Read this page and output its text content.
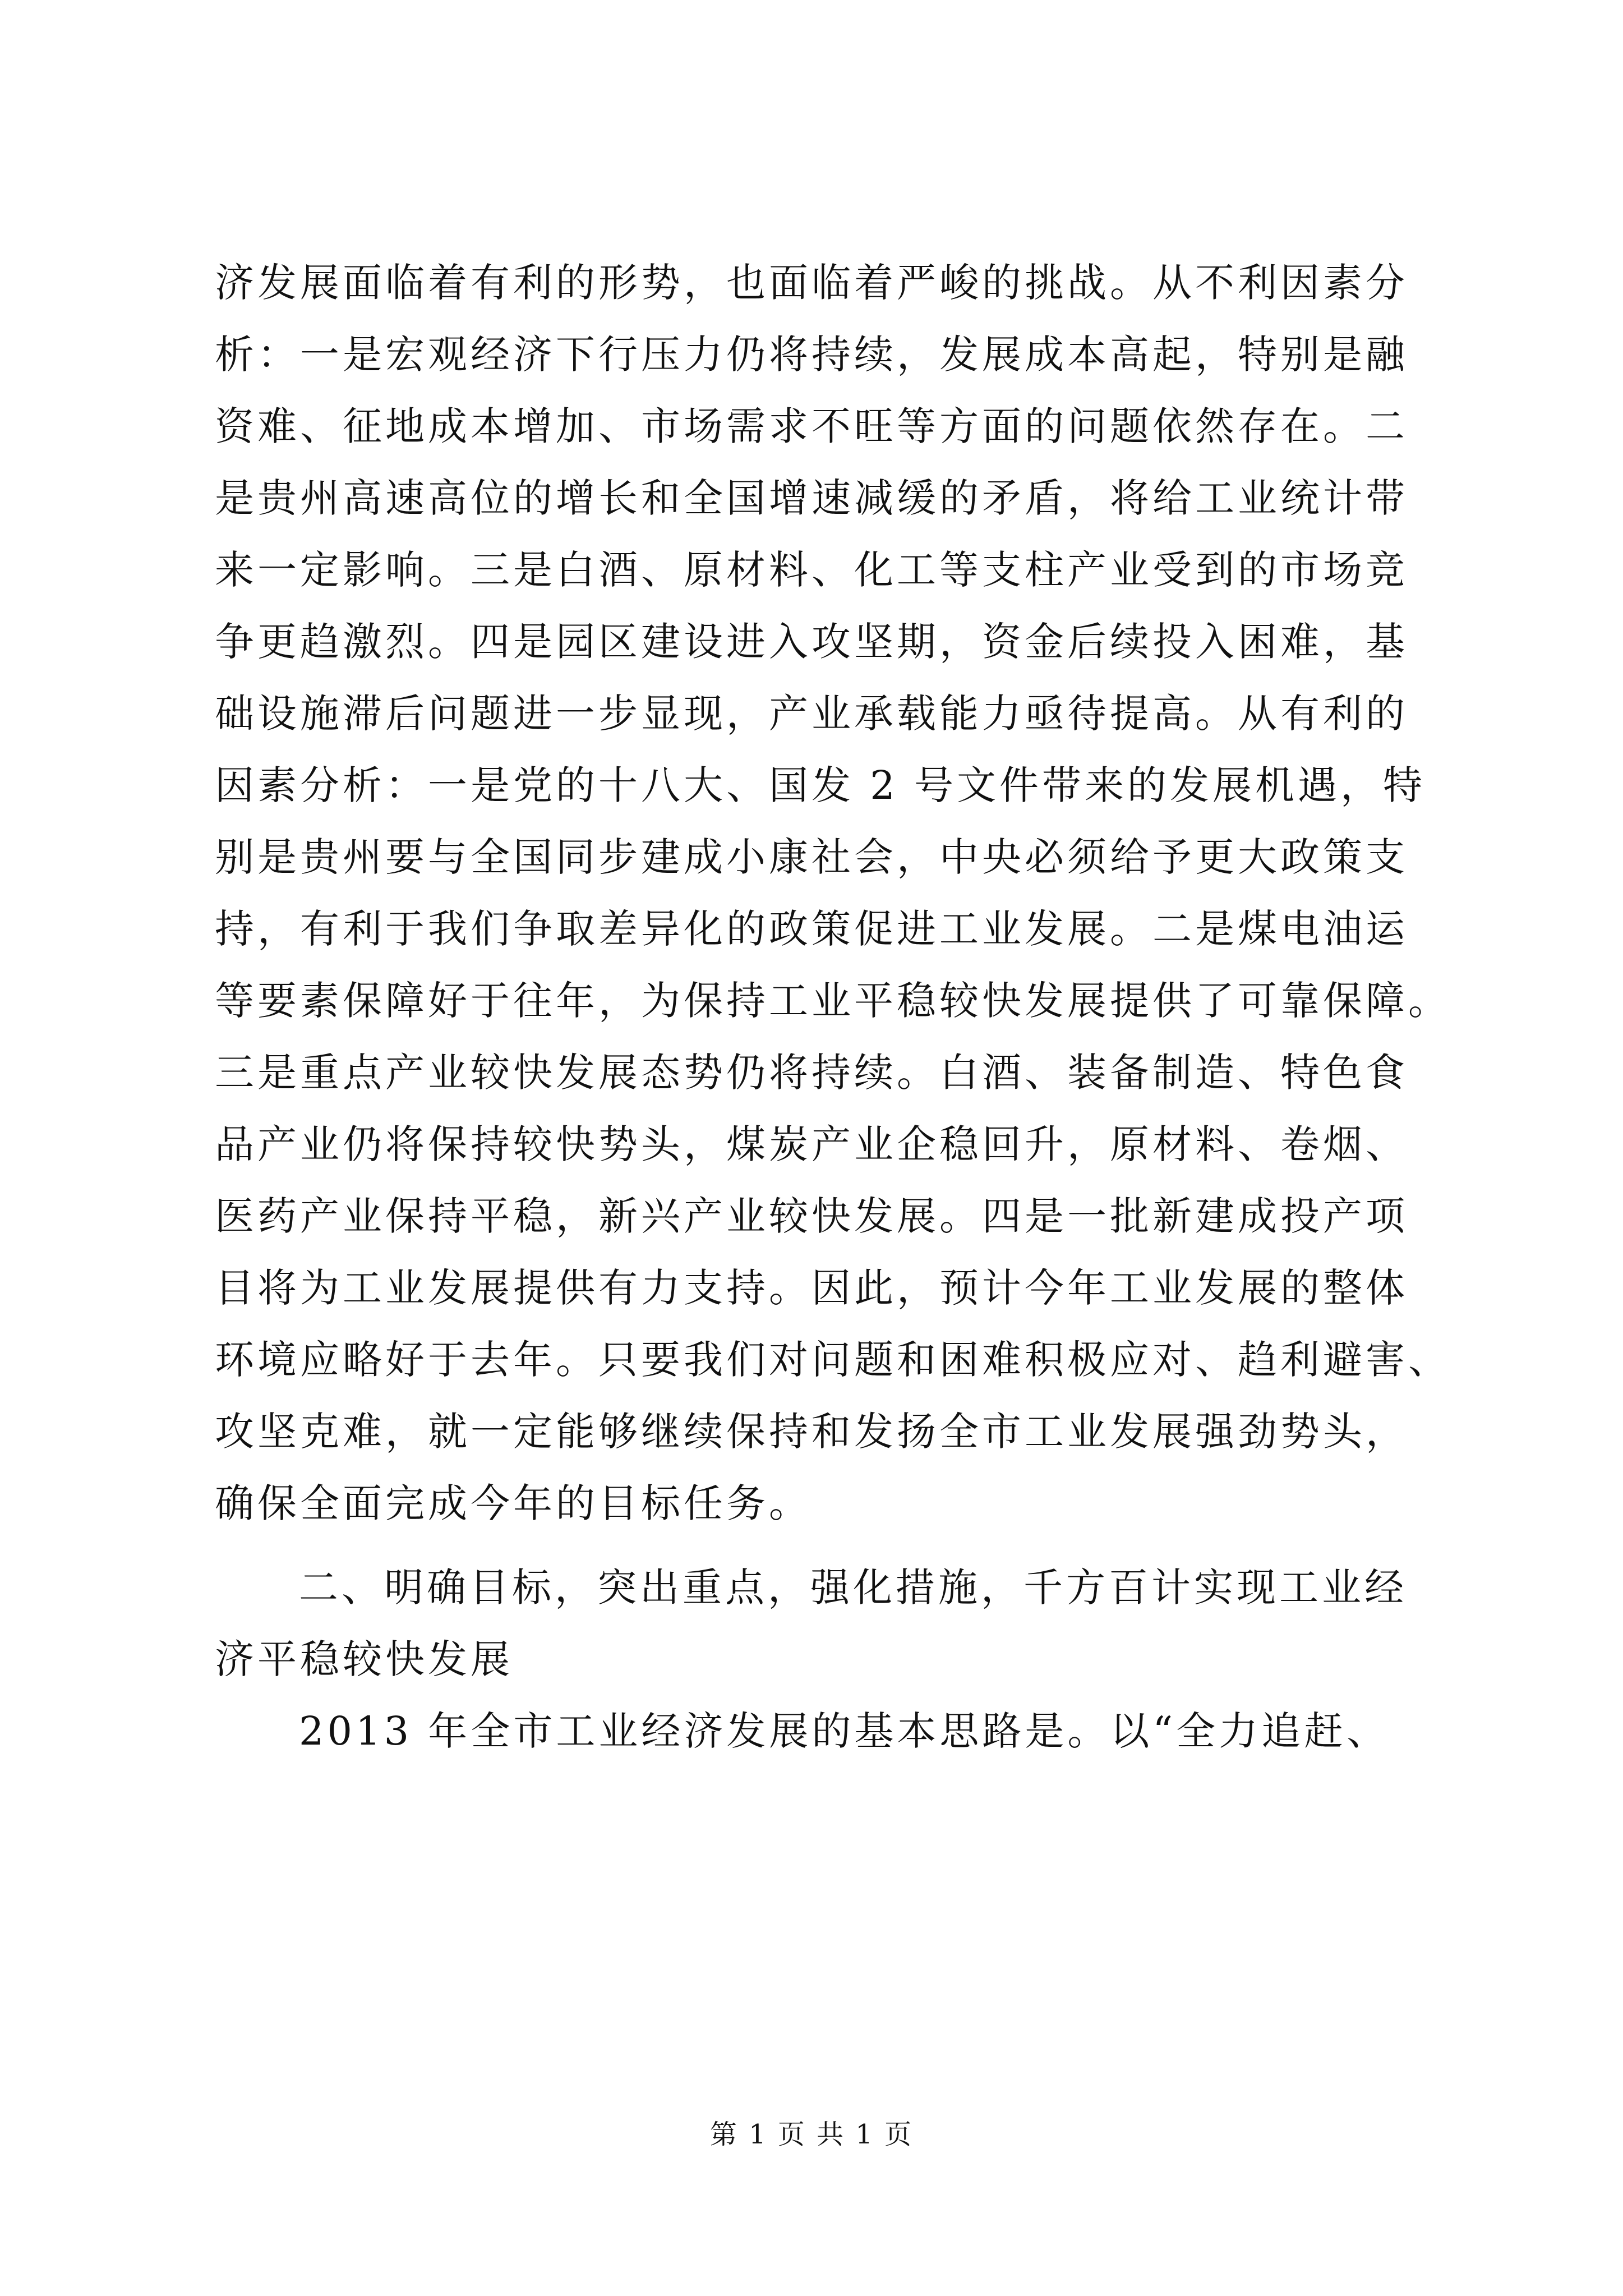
济发展面临着有利的形势，也面临着严峻的挑战。从不利因素分
析：一是宏观经济下行压力仍将持续，发展成本高起，特别是融
资难、征地成本增加、市场需求不旺等方面的问题依然存在。二
是贵州高速高位的增长和全国增速减缓的矛盾，将给工业统计带
来一定影响。三是白酒、原材料、化工等支柱产业受到的市场竞
争更趋激烈。四是园区建设进入攻坚期，资金后续投入困难，基
础设施滞后问题进一步显现，产业承载能力亟待提高。从有利的
因素分析：一是党的十八大、国发 2 号文件带来的发展机遇，特
别是贵州要与全国同步建成小康社会，中央必须给予更大政策支
持，有利于我们争取差异化的政策促进工业发展。二是煤电油运
等要素保障好于往年，为保持工业平稳较快发展提供了可靠保障。
三是重点产业较快发展态势仍将持续。白酒、装备制造、特色食
品产业仍将保持较快势头，煤炭产业企稳回升，原材料、卷烟、
医药产业保持平稳，新兴产业较快发展。四是一批新建成投产项
目将为工业发展提供有力支持。因此，预计今年工业发展的整体
环境应略好于去年。只要我们对问题和困难积极应对、趋利避害、
攻坚克难，就一定能够继续保持和发扬全市工业发展强劲势头，
确保全面完成今年的目标任务。
二、明确目标，突出重点，强化措施，千方百计实现工业经
济平稳较快发展
2013 年全市工业经济发展的基本思路是。以“全力追赶、
第 1 页 共 1 页
